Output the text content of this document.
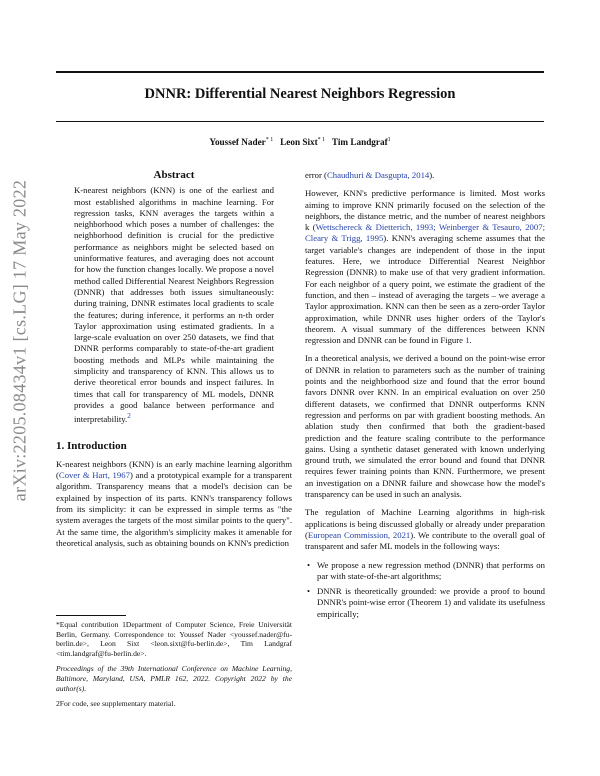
DNNR: Differential Nearest Neighbors Regression
Youssef Nader$^{* 1}$ Leon Sixt$^{* 1}$ Tim Landgraf$^1$
arXiv:2205.08434v1 [cs.LG] 17 May 2022
Abstract
K-nearest neighbors (KNN) is one of the earliest and most established algorithms in machine learning. For regression tasks, KNN averages the targets within a neighborhood which poses a number of challenges: the neighborhood definition is crucial for the predictive performance as neighbors might be selected based on uninformative features, and averaging does not account for how the function changes locally. We propose a novel method called Differential Nearest Neighbors Regression (DNNR) that addresses both issues simultaneously: during training, DNNR estimates local gradients to scale the features; during inference, it performs an n-th order Taylor approximation using estimated gradients. In a large-scale evaluation on over 250 datasets, we find that DNNR performs comparably to state-of-the-art gradient boosting methods and MLPs while maintaining the simplicity and transparency of KNN. This allows us to derive theoretical error bounds and inspect failures. In times that call for transparency of ML models, DNNR provides a good balance between performance and interpretability.$^2$
1. Introduction

K-nearest neighbors (KNN) is an early machine learning algorithm (Cover & Hart, 1967) and a prototypical example for a transparent algorithm. Transparency means that a model's decision can be explained by inspection of its parts. KNN's transparency follows from its simplicity: it can be expressed in simple terms as "the system averages the targets of the most similar points to the query". At the same time, the algorithm's simplicity makes it amenable for theoretical analysis, such as obtaining bounds on KNN's prediction

*Equal contribution 1Department of Computer Science, Freie Universität Berlin, Germany. Correspondence to: Youssef Nader <youssef.nader@fu-berlin.de>, Leon Sixt <leon.sixt@fu-berlin.de>, Tim Landgraf <tim.landgraf@fu-berlin.de>.
Proceedings of the 39th International Conference on Machine Learning, Baltimore, Maryland, USA, PMLR 162, 2022. Copyright 2022 by the author(s).
2For code, see supplementary material.

error (Chaudhuri & Dasgupta, 2014).

However, KNN's predictive performance is limited. Most works aiming to improve KNN primarily focused on the selection of the neighbors, the distance metric, and the number of nearest neighbors k (Wettschereck & Dietterich, 1993; Weinberger & Tesauro, 2007; Cleary & Trigg, 1995). KNN's averaging scheme assumes that the target variable's changes are independent of those in the input features. Here, we introduce Differential Nearest Neighbor Regression (DNNR) to make use of that very gradient information. For each neighbor of a query point, we estimate the gradient of the function, and then – instead of averaging the targets – we average a Taylor approximation. KNN can then be seen as a zero-order Taylor approximation, while DNNR uses higher orders of the Taylor's theorem. A visual summary of the differences between KNN regression and DNNR can be found in Figure 1.

In a theoretical analysis, we derived a bound on the point-wise error of DNNR in relation to parameters such as the number of training points and the neighborhood size and found that the error bound favors DNNR over KNN. In an empirical evaluation on over 250 different datasets, we confirmed that DNNR outperforms KNN regression and performs on par with gradient boosting methods. An ablation study then confirmed that both the gradient-based prediction and the feature scaling contribute to the performance gains. Using a synthetic dataset generated with known underlying ground truth, we simulated the error bound and found that DNNR requires fewer training points than KNN. Furthermore, we present an investigation on a DNNR failure and showcase how the model's transparency can be used in such an analysis.

The regulation of Machine Learning algorithms in high-risk applications is being discussed globally or already under preparation (European Commission, 2021). We contribute to the overall goal of transparent and safer ML models in the following ways:

• We propose a new regression method (DNNR) that performs on par with state-of-the-art algorithms;
• DNNR is theoretically grounded: we provide a proof to bound DNNR's point-wise error (Theorem 1) and validate its usefulness empirically;
